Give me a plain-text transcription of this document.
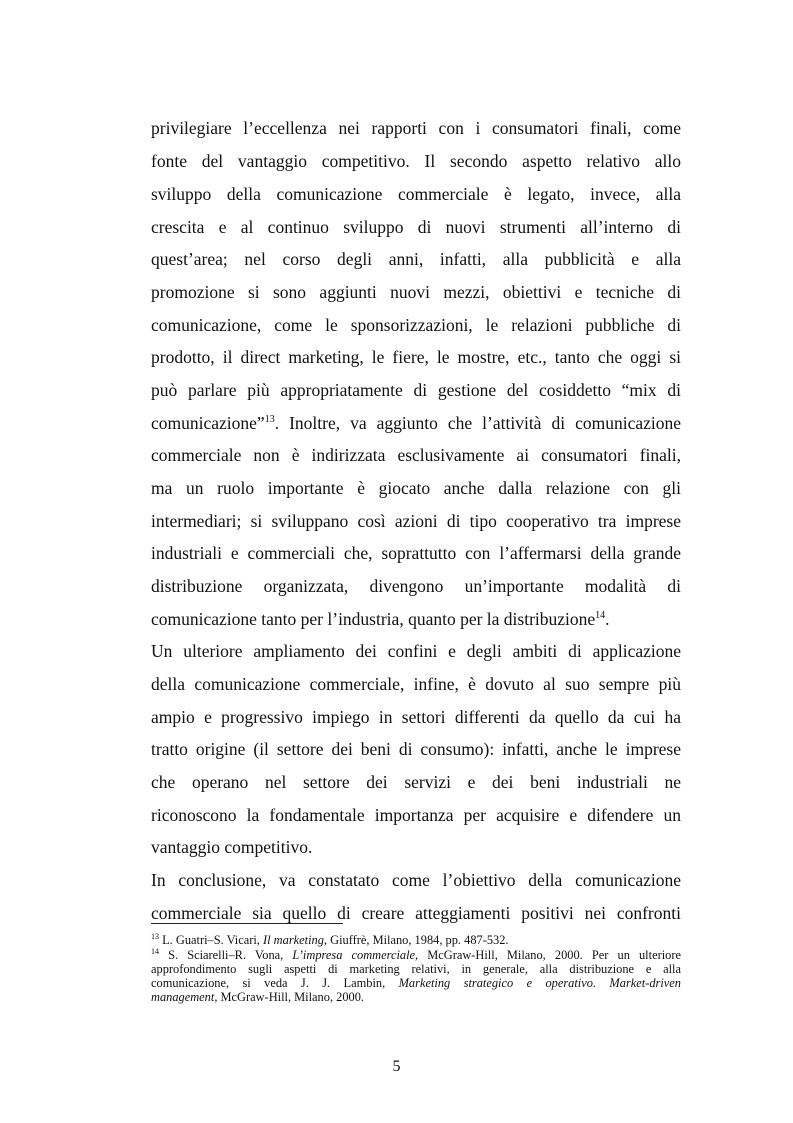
privilegiare l’eccellenza nei rapporti con i consumatori finali, come
fonte del vantaggio competitivo. Il secondo aspetto relativo allo
sviluppo della comunicazione commerciale è legato, invece, alla
crescita e al continuo sviluppo di nuovi strumenti all’interno di
quest’area; nel corso degli anni, infatti, alla pubblicità e alla
promozione si sono aggiunti nuovi mezzi, obiettivi e tecniche di
comunicazione, come le sponsorizzazioni, le relazioni pubbliche di
prodotto, il direct marketing, le fiere, le mostre, etc., tanto che oggi si
può parlare più appropriatamente di gestione del cosiddetto “mix di
comunicazione”$^{13}$. Inoltre, va aggiunto che l’attività di comunicazione
commerciale non è indirizzata esclusivamente ai consumatori finali,
ma un ruolo importante è giocato anche dalla relazione con gli
intermediari; si sviluppano così azioni di tipo cooperativo tra imprese
industriali e commerciali che, soprattutto con l’affermarsi della grande
distribuzione organizzata, divengono un’importante modalità di
comunicazione tanto per l’industria, quanto per la distribuzione$^{14}$.
Un ulteriore ampliamento dei confini e degli ambiti di applicazione
della comunicazione commerciale, infine, è dovuto al suo sempre più
ampio e progressivo impiego in settori differenti da quello da cui ha
tratto origine (il settore dei beni di consumo): infatti, anche le imprese
che operano nel settore dei servizi e dei beni industriali ne
riconoscono la fondamentale importanza per acquisire e difendere un
vantaggio competitivo.
In conclusione, va constatato come l’obiettivo della comunicazione
commerciale sia quello di creare atteggiamenti positivi nei confronti
$^{13}$ L. Guatri–S. Vicari, Il marketing, Giuffrè, Milano, 1984, pp. 487-532.
$^{14}$ S. Sciarelli–R. Vona, L’impresa commerciale, McGraw-Hill, Milano, 2000. Per un ulteriore
approfondimento sugli aspetti di marketing relativi, in generale, alla distribuzione e alla
comunicazione, si veda J. J. Lambin, Marketing strategico e operativo. Market-driven
management, McGraw-Hill, Milano, 2000.
5
